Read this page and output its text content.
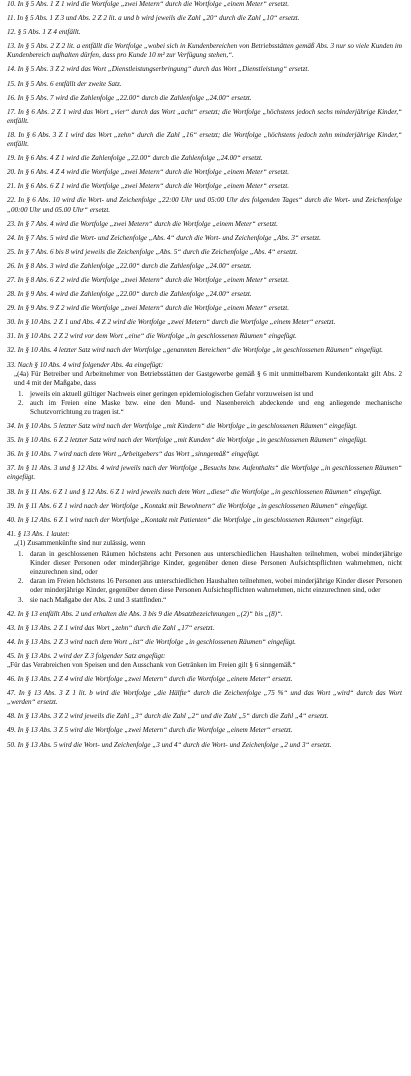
10. In § 5 Abs. 1 Z 1 wird die Wortfolge „zwei Metern“ durch die Wortfolge „einem Meter“ ersetzt.
11. In § 5 Abs. 1 Z 3 und Abs. 2 Z 2 lit. a und b wird jeweils die Zahl „20“ durch die Zahl „10“ ersetzt.
12. § 5 Abs. 1 Z 4 entfällt.
13. In § 5 Abs. 2 Z 2 lit. a entfällt die Wortfolge „wobei sich in Kundenbereichen von Betriebsstätten gemäß Abs. 3 nur so viele Kunden im Kundenbereich aufhalten dürfen, dass pro Kunde 10 m² zur Verfügung stehen,“.
14. In § 5 Abs. 3 Z 2 wird das Wort „Dienstleistungserbringung“ durch das Wort „Dienstleistung“ ersetzt.
15. In § 5 Abs. 6 entfällt der zweite Satz.
16. In § 5 Abs. 7 wird die Zahlenfolge „22.00“ durch die Zahlenfolge „24.00“ ersetzt.
17. In § 6 Abs. 2 Z 1 wird das Wort „vier“ durch das Wort „acht“ ersetzt; die Wortfolge „höchstens jedoch sechs minderjährige Kinder,“ entfällt.
18. In § 6 Abs. 3 Z 1 wird das Wort „zehn“ durch die Zahl „16“ ersetzt; die Wortfolge „höchstens jedoch zehn minderjährige Kinder,“ entfällt.
19. In § 6 Abs. 4 Z 1 wird die Zahlenfolge „22.00“ durch die Zahlenfolge „24.00“ ersetzt.
20. In § 6 Abs. 4 Z 4 wird die Wortfolge „zwei Metern“ durch die Wortfolge „einem Meter“ ersetzt.
21. In § 6 Abs. 6 Z 1 wird die Wortfolge „zwei Metern“ durch die Wortfolge „einem Meter“ ersetzt.
22. In § 6 Abs. 10 wird die Wort- und Zeichenfolge „22:00 Uhr und 05:00 Uhr des folgenden Tages“ durch die Wort- und Zeichenfolge „00:00 Uhr und 05.00 Uhr“ ersetzt.
23. In § 7 Abs. 4 wird die Wortfolge „zwei Metern“ durch die Wortfolge „einem Meter“ ersetzt.
24. In § 7 Abs. 5 wird die Wort- und Zeichenfolge „Abs. 4“ durch die Wort- und Zeichenfolge „Abs. 3“ ersetzt.
25. In § 7 Abs. 6 bis 8 wird jeweils die Zeichenfolge „Abs. 5“ durch die Zeichenfolge „Abs. 4“ ersetzt.
26. In § 8 Abs. 3 wird die Zahlenfolge „22.00“ durch die Zahlenfolge „24.00“ ersetzt.
27. In § 8 Abs. 6 Z 2 wird die Wortfolge „zwei Metern“ durch die Wortfolge „einem Meter“ ersetzt.
28. In § 9 Abs. 4 wird die Zahlenfolge „22.00“ durch die Zahlenfolge „24.00“ ersetzt.
29. In § 9 Abs. 9 Z 2 wird die Wortfolge „zwei Metern“ durch die Wortfolge „einem Meter“ ersetzt.
30. In § 10 Abs. 2 Z 1 und Abs. 4 Z 2 wird die Wortfolge „zwei Metern“ durch die Wortfolge „einem Meter“ ersetzt.
31. In § 10 Abs. 2 Z 2 wird vor dem Wort „eine“ die Wortfolge „in geschlossenen Räumen“ eingefügt.
32. In § 10 Abs. 4 letzter Satz wird nach der Wortfolge „genannten Bereichen“ die Wortfolge „in geschlossenen Räumen“ eingefügt.
33. Nach § 10 Abs. 4 wird folgender Abs. 4a eingefügt:
„(4a) Für Betreiber und Arbeitnehmer von Betriebsstätten der Gastgewerbe gemäß § 6 mit unmittelbarem Kundenkontakt gilt Abs. 2 und 4 mit der Maßgabe, dass
1. jeweils ein aktuell gültiger Nachweis einer geringen epidemiologischen Gefahr vorzuweisen ist und
2. auch im Freien eine Maske bzw. eine den Mund- und Nasenbereich abdeckende und eng anliegende mechanische Schutzvorrichtung zu tragen ist.“
34. In § 10 Abs. 5 letzter Satz wird nach der Wortfolge „mit Kindern“ die Wortfolge „in geschlossenen Räumen“ eingefügt.
35. In § 10 Abs. 6 Z 2 letzter Satz wird nach der Wortfolge „mit Kunden“ die Wortfolge „in geschlossenen Räumen“ eingefügt.
36. In § 10 Abs. 7 wird nach dem Wort „Arbeitgebers“ das Wort „sinngemäß“ eingefügt.
37. In § 11 Abs. 3 und § 12 Abs. 4 wird jeweils nach der Wortfolge „Besuchs bzw. Aufenthalts“ die Wortfolge „in geschlossenen Räumen“ eingefügt.
38. In § 11 Abs. 6 Z 1 und § 12 Abs. 6 Z 1 wird jeweils nach dem Wort „diese“ die Wortfolge „in geschlossenen Räumen“ eingefügt.
39. In § 11 Abs. 6 Z 1 wird nach der Wortfolge „Kontakt mit Bewohnern“ die Wortfolge „in geschlossenen Räumen“ eingefügt.
40. In § 12 Abs. 6 Z 1 wird nach der Wortfolge „Kontakt mit Patienten“ die Wortfolge „in geschlossenen Räumen“ eingefügt.
41. § 13 Abs. 1 lautet:
„(1) Zusammenkünfte sind nur zulässig, wenn
1. daran in geschlossenen Räumen höchstens acht Personen aus unterschiedlichen Haushalten teilnehmen, wobei minderjährige Kinder dieser Personen oder minderjährige Kinder, gegenüber denen diese Personen Aufsichtspflichten wahrnehmen, nicht einzurechnen sind, oder
2. daran im Freien höchstens 16 Personen aus unterschiedlichen Haushalten teilnehmen, wobei minderjährige Kinder dieser Personen oder minderjährige Kinder, gegenüber denen diese Personen Aufsichtspflichten wahrnehmen, nicht einzurechnen sind, oder
3. sie nach Maßgabe der Abs. 2 und 3 stattfinden.“
42. In § 13 entfällt Abs. 2 und erhalten die Abs. 3 bis 9 die Absatzbezeichnungen „(2)“ bis „(8)“.
43. In § 13 Abs. 2 Z 1 wird das Wort „zehn“ durch die Zahl „17“ ersetzt.
44. In § 13 Abs. 2 Z 3 wird nach dem Wort „ist“ die Wortfolge „in geschlossenen Räumen“ eingefügt.
45. In § 13 Abs. 2 wird der Z 3 folgender Satz angefügt:
„Für das Verabreichen von Speisen und den Ausschank von Getränken im Freien gilt § 6 sinngemäß.“
46. In § 13 Abs. 2 Z 4 wird die Wortfolge „zwei Metern“ durch die Wortfolge „einem Meter“ ersetzt.
47. In § 13 Abs. 3 Z 1 lit. b wird die Wortfolge „die Hälfte“ durch die Zeichenfolge „75 %“ und das Wort „wird“ durch das Wort „werden“ ersetzt.
48. In § 13 Abs. 3 Z 2 wird jeweils die Zahl „3“ durch die Zahl „2“ und die Zahl „5“ durch die Zahl „4“ ersetzt.
49. In § 13 Abs. 3 Z 5 wird die Wortfolge „zwei Metern“ durch die Wortfolge „einem Meter“ ersetzt.
50. In § 13 Abs. 5 wird die Wort- und Zeichenfolge „3 und 4“ durch die Wort- und Zeichenfolge „2 und 3“ ersetzt.
